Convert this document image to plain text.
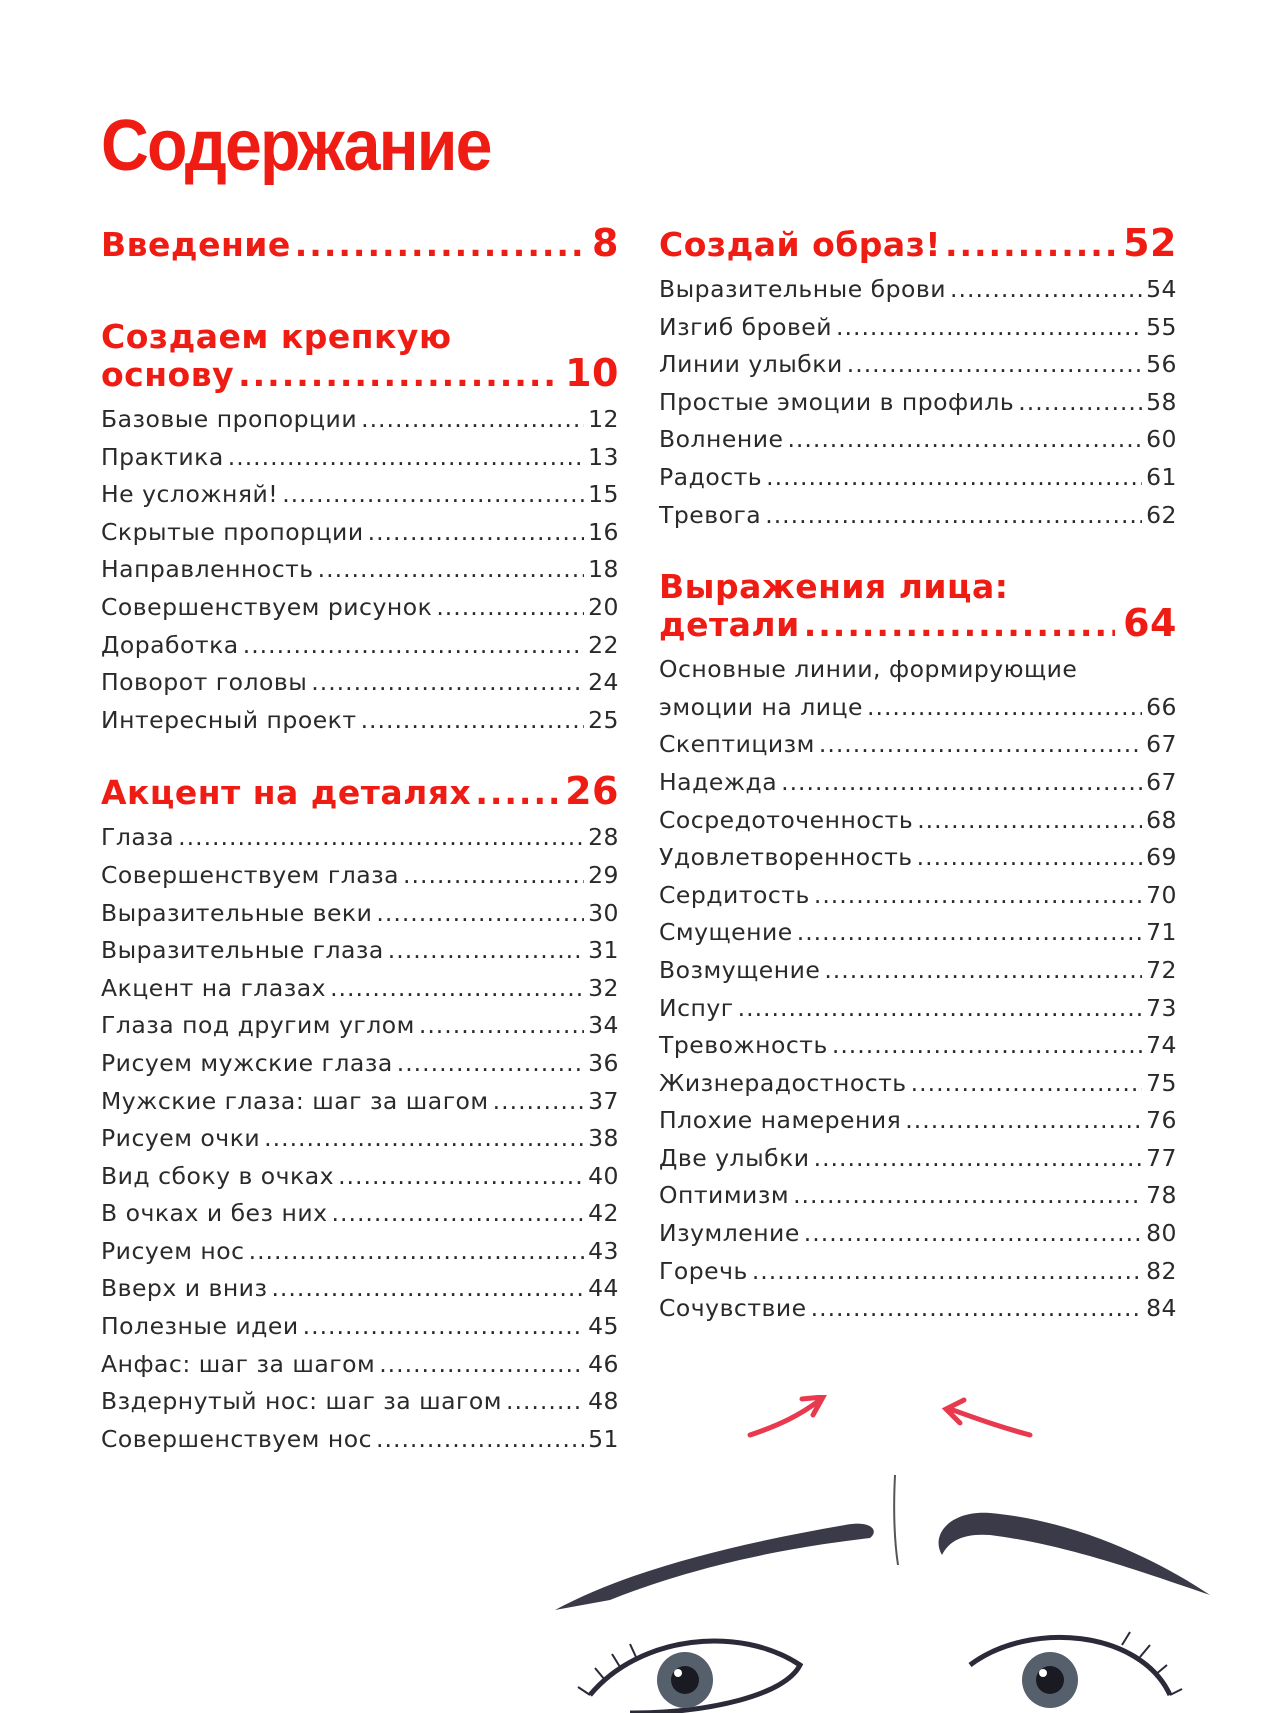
Содержание
Введение .....	8
Создаем крепкую
основу .....	10
Базовые пропорции .....	12
Практика .....	13
Не усложняй! .....	15
Скрытые пропорции .....	16
Направленность .....	18
Совершенствуем рисунок .....	20
Доработка .....	22
Поворот головы .....	24
Интересный проект .....	25
Акцент на деталях ..... 26
Глаза .....	28
Совершенствуем глаза .....	29
Выразительные веки .....	30
Выразительные глаза .....	31
Акцент на глазах .....	32
Глаза под другим углом .....	34
Рисуем мужские глаза .....	36
Мужские глаза: шаг за шагом .....	37
Рисуем очки .....	38
Вид сбоку в очках .....	40
В очках и без них .....	42
Рисуем нос .....	43
Вверх и вниз .....	44
Полезные идеи .....	45
Анфас: шаг за шагом .....	46
Вздернутый нос: шаг за шагом .....	48
Совершенствуем нос .....	51
Создай образ! .....	52
Выразительные брови .....	54
Изгиб бровей .....	55
Линии улыбки .....	56
Простые эмоции в профиль .....	58
Волнение .....	60
Радость .....	61
Тревога .....	62
Выражения лица:
детали .....	64
Основные линии, формирующие
эмоции на лице .....	66
Скептицизм .....	67
Надежда .....	67
Сосредоточенность .....	68
Удовлетворенность .....	69
Сердитость .....	70
Смущение .....	71
Возмущение .....	72
Испуг .....	73
Тревожность .....	74
Жизнерадостность .....	75
Плохие намерения .....	76
Две улыбки .....	77
Оптимизм .....	78
Изумление .....	80
Горечь .....	82
Сочувствие .....	84
